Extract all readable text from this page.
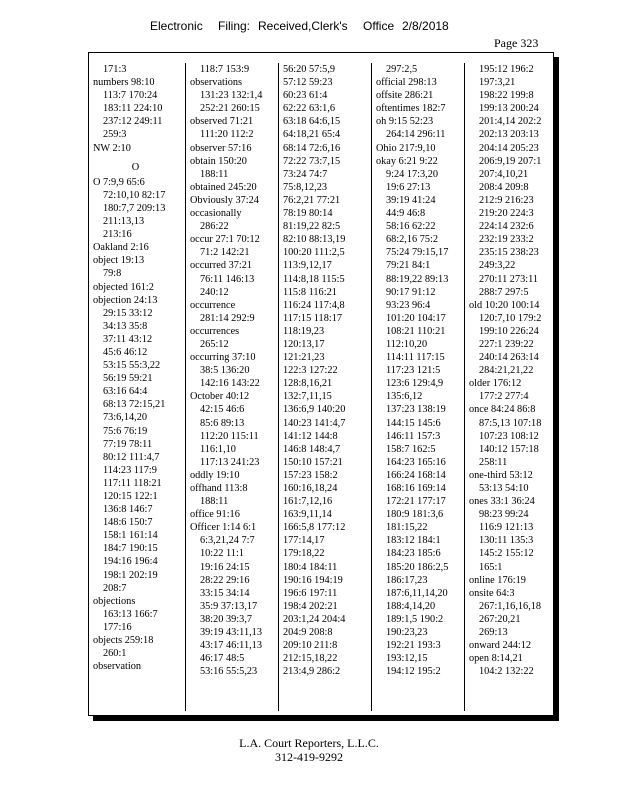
Electronic Filing: Received,Clerk's Office 2/8/2018
Page 323
171:3
numbers 98:10
113:7 170:24
183:11 224:10
237:12 249:11
259:3
NW 2:10
O
O 7:9,9 65:6
72:10,10 82:17
180:7,7 209:13
211:13,13
213:16
Oakland 2:16
object 19:13
79:8
objected 161:2
objection 24:13
29:15 33:12
34:13 35:8
37:11 43:12
45:6 46:12
53:15 55:3,22
56:19 59:21
63:16 64:4
68:13 72:15,21
73:6,14,20
75:6 76:19
77:19 78:11
80:12 111:4,7
114:23 117:9
117:11 118:21
120:15 122:1
136:8 146:7
148:6 150:7
158:1 161:14
184:7 190:15
194:16 196:4
198:1 202:19
208:7
objections
163:13 166:7
177:16
objects 259:18
260:1
observation
118:7 153:9
observations
131:23 132:1,4
252:21 260:15
observed 71:21
111:20 112:2
observer 57:16
obtain 150:20
188:11
obtained 245:20
Obviously 37:24
occasionally
286:22
occur 27:1 70:12
71:2 142:21
occurred 37:21
76:11 146:13
240:12
occurrence
281:14 292:9
occurrences
265:12
occurring 37:10
38:5 136:20
142:16 143:22
October 40:12
42:15 46:6
85:6 89:13
112:20 115:11
116:1,10
117:13 241:23
oddly 19:10
offhand 113:8
188:11
office 91:16
Officer 1:14 6:1
6:3,21,24 7:7
10:22 11:1
19:16 24:15
28:22 29:16
33:15 34:14
35:9 37:13,17
38:20 39:3,7
39:19 43:11,13
43:17 46:11,13
46:17 48:5
53:16 55:5,23
56:20 57:5,9
57:12 59:23
60:23 61:4
62:22 63:1,6
63:18 64:6,15
64:18,21 65:4
68:14 72:6,16
72:22 73:7,15
73:24 74:7
75:8,12,23
76:2,21 77:21
78:19 80:14
81:19,22 82:5
82:10 88:13,19
100:20 111:2,5
113:9,12,17
114:8,18 115:5
115:8 116:21
116:24 117:4,8
117:15 118:17
118:19,23
120:13,17
121:21,23
122:3 127:22
128:8,16,21
132:7,11,15
136:6,9 140:20
140:23 141:4,7
141:12 144:8
146:8 148:4,7
150:10 157:21
157:23 158:2
160:16,18,24
161:7,12,16
163:9,11,14
166:5,8 177:12
177:14,17
179:18,22
180:4 184:11
190:16 194:19
196:6 197:11
198:4 202:21
203:1,24 204:4
204:9 208:8
209:10 211:8
212:15,18,22
213:4,9 286:2
297:2,5
official 298:13
offsite 286:21
oftentimes 182:7
oh 9:15 52:23
264:14 296:11
Ohio 217:9,10
okay 6:21 9:22
9:24 17:3,20
19:6 27:13
39:19 41:24
44:9 46:8
58:16 62:22
68:2,16 75:2
75:24 79:15,17
79:21 84:1
88:19,22 89:13
90:17 91:12
93:23 96:4
101:20 104:17
108:21 110:21
112:10,20
114:11 117:15
117:23 121:5
123:6 129:4,9
135:6,12
137:23 138:19
144:15 145:6
146:11 157:3
158:7 162:5
164:23 165:16
166:24 168:14
168:16 169:14
172:21 177:17
180:9 181:3,6
181:15,22
183:12 184:1
184:23 185:6
185:20 186:2,5
186:17,23
187:6,11,14,20
188:4,14,20
189:1,5 190:2
190:23,23
192:21 193:3
193:12,15
194:12 195:2
195:12 196:2
197:3,21
198:22 199:8
199:13 200:24
201:4,14 202:2
202:13 203:13
204:14 205:23
206:9,19 207:1
207:4,10,21
208:4 209:8
212:9 216:23
219:20 224:3
224:14 232:6
232:19 233:2
235:15 238:23
249:3,22
270:11 273:11
288:7 297:5
old 10:20 100:14
120:7,10 179:2
199:10 226:24
227:1 239:22
240:14 263:14
284:21,21,22
older 176:12
177:2 277:4
once 84:24 86:8
87:5,13 107:18
107:23 108:12
140:12 157:18
258:11
one-third 53:12
53:13 54:10
ones 33:1 36:24
98:23 99:24
116:9 121:13
130:11 135:3
145:2 155:12
165:1
online 176:19
onsite 64:3
267:1,16,16,18
267:20,21
269:13
onward 244:12
open 8:14,21
104:2 132:22
L.A. Court Reporters, L.L.C.
312-419-9292
